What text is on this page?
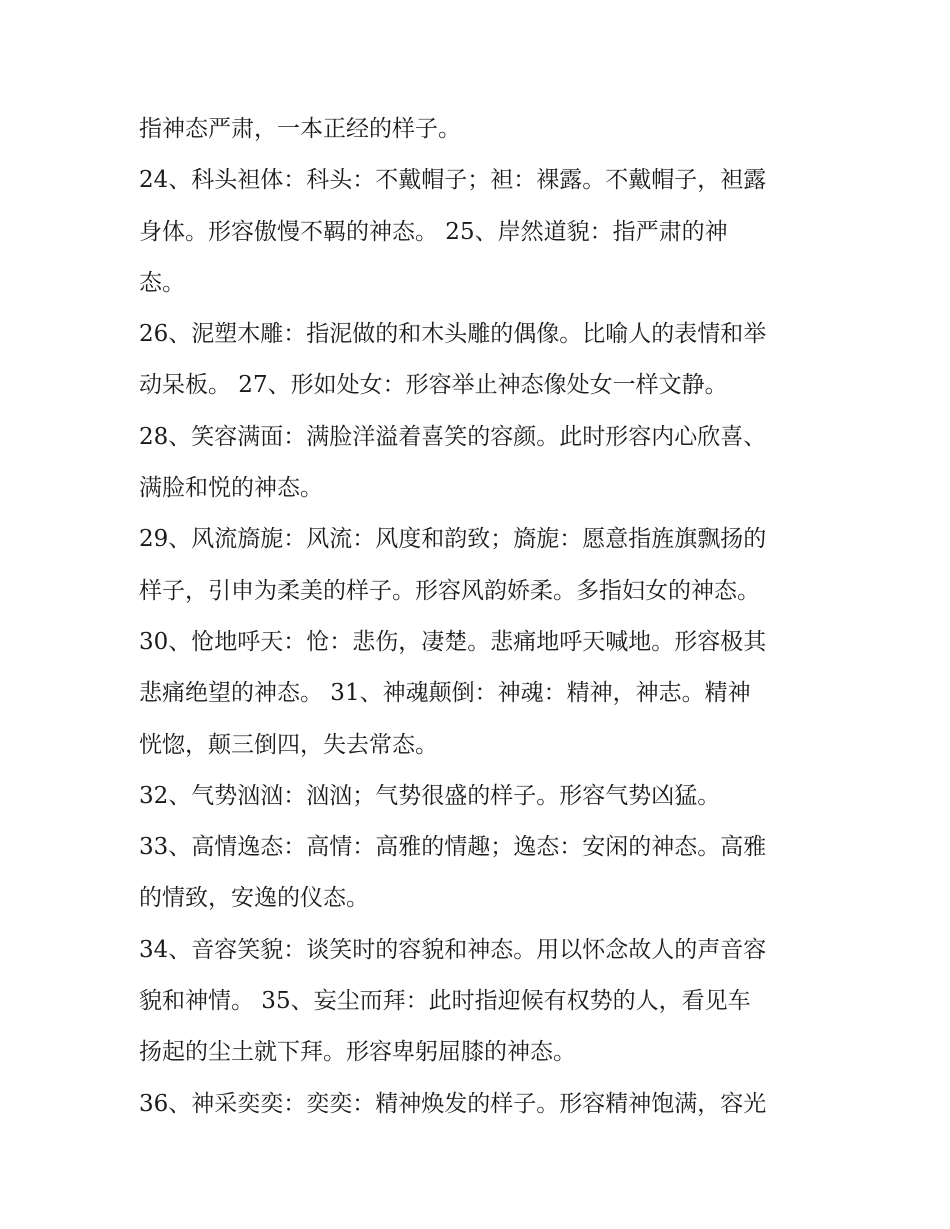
指神态严肃，一本正经的样子。
24、科头袒体：科头：不戴帽子；袒：裸露。不戴帽子，袒露
身体。形容傲慢不羁的神态。 25、岸然道貌：指严肃的神
态。
26、泥塑木雕：指泥做的和木头雕的偶像。比喻人的表情和举
动呆板。 27、形如处女：形容举止神态像处女一样文静。
28、笑容满面：满脸洋溢着喜笑的容颜。此时形容内心欣喜、
满脸和悦的神态。
29、风流旖旎：风流：风度和韵致；旖旎：愿意指旌旗飘扬的
样子，引申为柔美的样子。形容风韵娇柔。多指妇女的神态。
30、怆地呼天：怆：悲伤，凄楚。悲痛地呼天喊地。形容极其
悲痛绝望的神态。 31、神魂颠倒：神魂：精神，神志。精神
恍惚，颠三倒四，失去常态。
32、气势汹汹：汹汹；气势很盛的样子。形容气势凶猛。
33、高情逸态：高情：高雅的情趣；逸态：安闲的神态。高雅
的情致，安逸的仪态。
34、音容笑貌：谈笑时的容貌和神态。用以怀念故人的声音容
貌和神情。 35、妄尘而拜：此时指迎候有权势的人，看见车
扬起的尘土就下拜。形容卑躬屈膝的神态。
36、神采奕奕：奕奕：精神焕发的样子。形容精神饱满，容光
